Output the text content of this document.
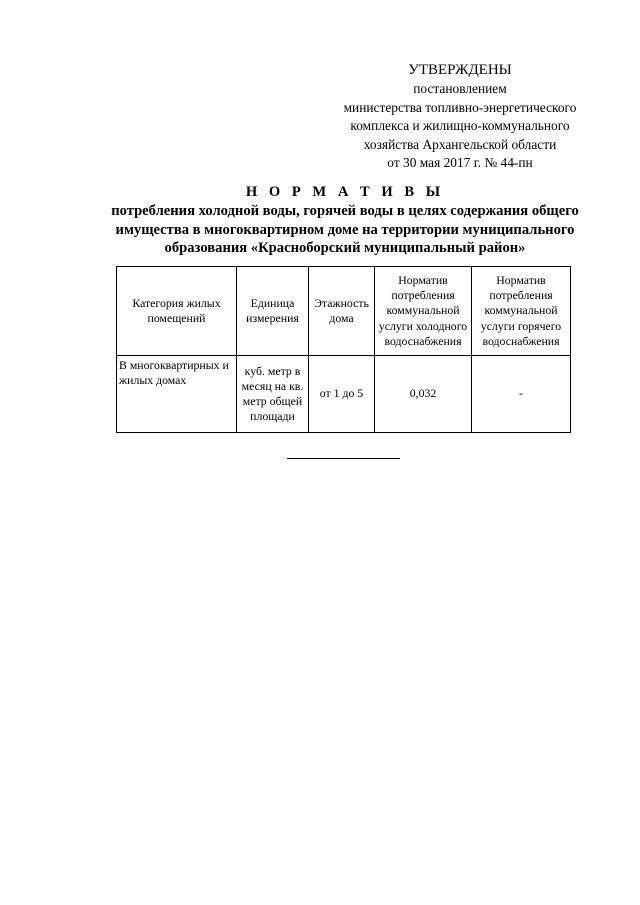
УТВЕРЖДЕНЫ
постановлением
министерства топливно-энергетического
комплекса и жилищно-коммунального
хозяйства Архангельской области
от 30 мая 2017 г. № 44-пн
Н О Р М А Т И В Ы
потребления холодной воды, горячей воды в целях содержания общего
имущества в многоквартирном доме на территории муниципального
образования «Красноборский муниципальный район»
Категория жилых помещений	Единица измерения	Этажность дома	Норматив потребления коммунальной услуги холодного водоснабжения	Норматив потребления коммунальной услуги горячего водоснабжения
В многоквартирных и жилых домах	куб. метр в месяц на кв. метр общей площади	от 1 до 5	0,032	-
